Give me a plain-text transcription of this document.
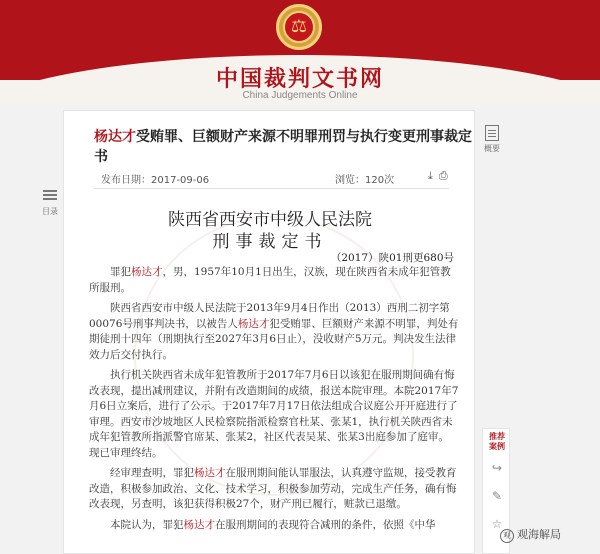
⚖
中国裁判文书网
China Judgements Online
目录
杨达才受贿罪、巨额财产来源不明罪刑罚与执行变更刑事裁定书
发布日期：2017-09-06	浏览：120次	⤓⎙
陕西省西安市中级人民法院
刑事裁定书
（2017）陕01刑更680号

罪犯杨达才，男，1957年10月1日出生，汉族，现在陕西省未成年犯管教所服刑。

陕西省西安市中级人民法院于2013年9月4日作出（2013）西刑二初字第00076号刑事判决书，以被告人杨达才犯受贿罪、巨额财产来源不明罪，判处有期徒刑十四年（刑期执行至2027年3月6日止），没收财产5万元。判决发生法律效力后交付执行。

执行机关陕西省未成年犯管教所于2017年7月6日以该犯在服刑期间确有悔改表现，提出减刑建议，并附有改造期间的成绩，报送本院审理。本院2017年7月6日立案后，进行了公示。于2017年7月17日依法组成合议庭公开开庭进行了审理。西安市沙坡地区人民检察院指派检察官杜某、张某1，执行机关陕西省未成年犯管教所指派警官席某、张某2，社区代表吴某、张某3出庭参加了庭审。现已审理终结。

经审理查明，罪犯杨达才在服刑期间能认罪服法，认真遵守监规，接受教育改造，积极参加政治、文化、技术学习，积极参加劳动，完成生产任务，确有悔改表现，另查明，该犯获得积极27个，财产刑已履行，赃款已退缴。

本院认为，罪犯杨达才在服刑期间的表现符合减刑的条件，依照《中华

概要
推荐
案例
↪
✎
☆
观 观海解局
